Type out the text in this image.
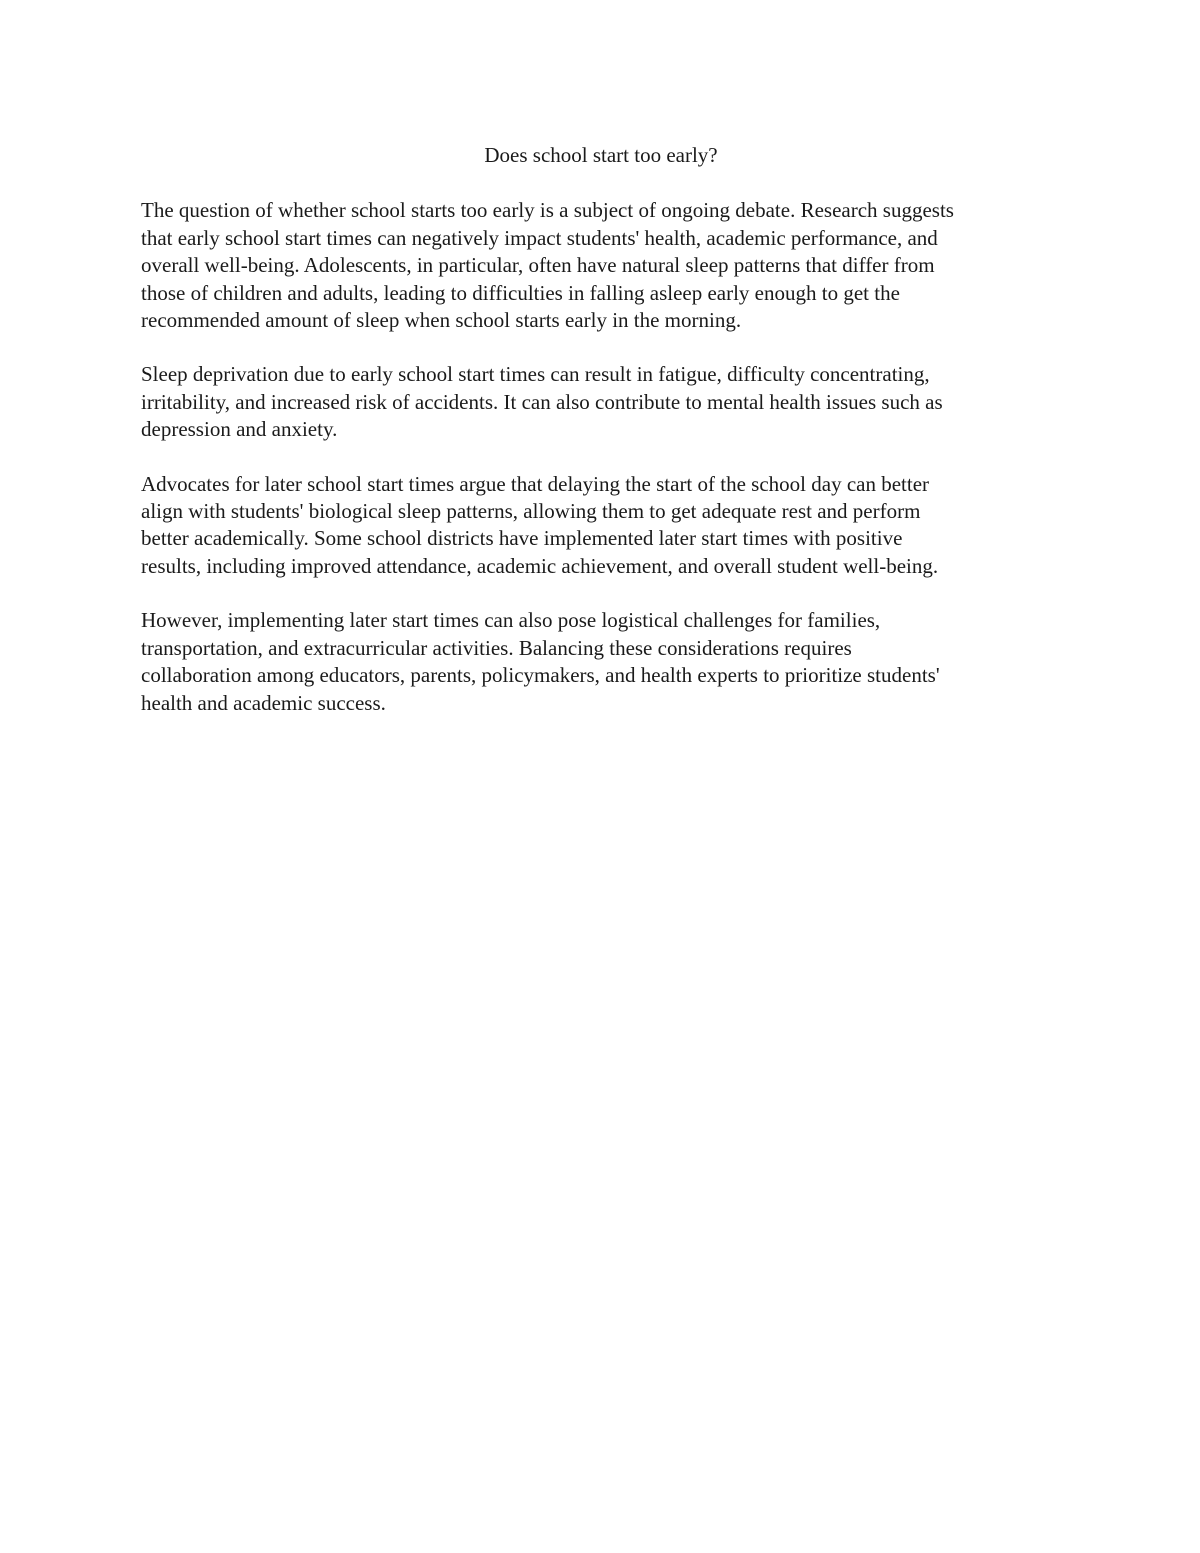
Does school start too early?

The question of whether school starts too early is a subject of ongoing debate. Research suggests
that early school start times can negatively impact students' health, academic performance, and
overall well-being. Adolescents, in particular, often have natural sleep patterns that differ from
those of children and adults, leading to difficulties in falling asleep early enough to get the
recommended amount of sleep when school starts early in the morning.

Sleep deprivation due to early school start times can result in fatigue, difficulty concentrating,
irritability, and increased risk of accidents. It can also contribute to mental health issues such as
depression and anxiety.

Advocates for later school start times argue that delaying the start of the school day can better
align with students' biological sleep patterns, allowing them to get adequate rest and perform
better academically. Some school districts have implemented later start times with positive
results, including improved attendance, academic achievement, and overall student well-being.

However, implementing later start times can also pose logistical challenges for families,
transportation, and extracurricular activities. Balancing these considerations requires
collaboration among educators, parents, policymakers, and health experts to prioritize students'
health and academic success.
